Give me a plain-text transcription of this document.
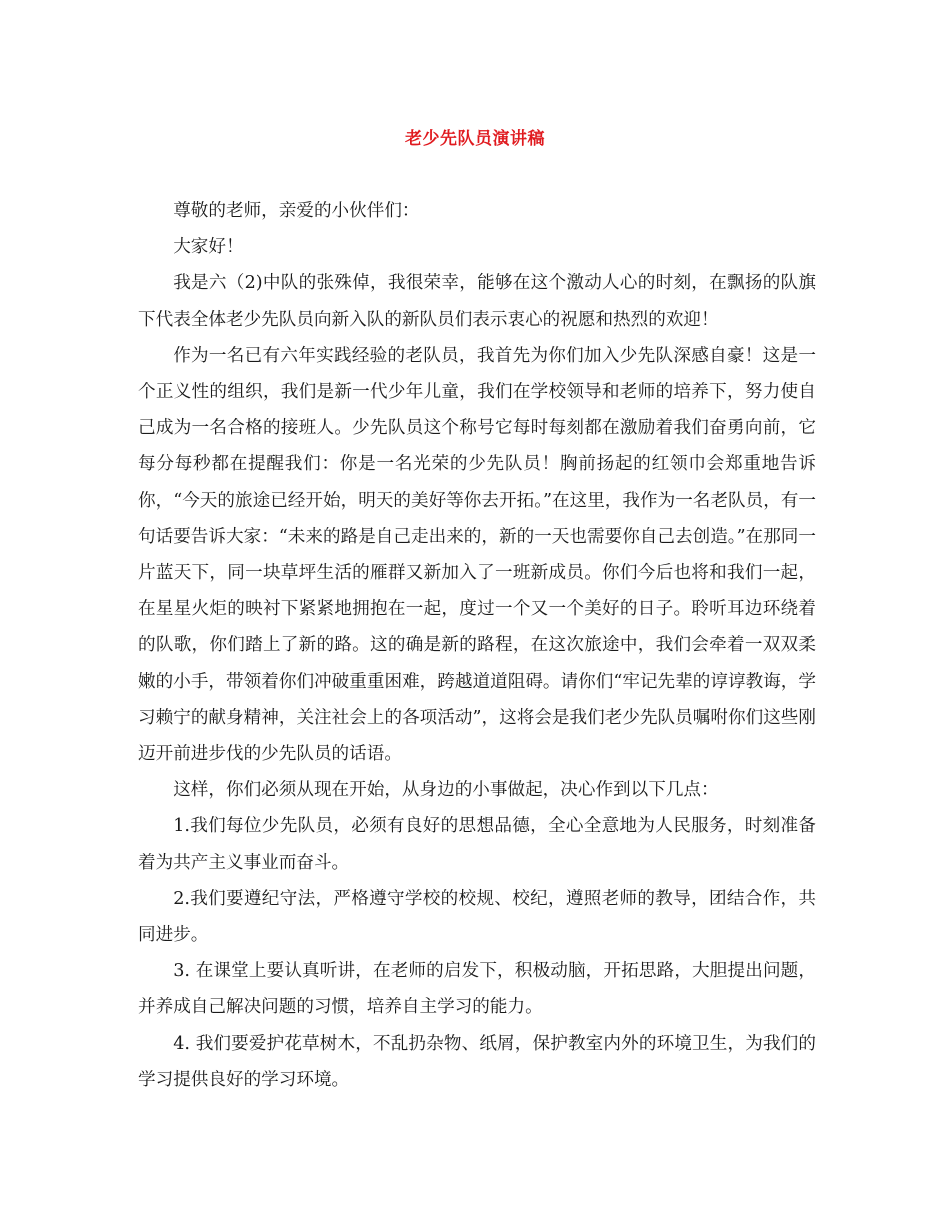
老少先队员演讲稿

尊敬的老师，亲爱的小伙伴们：

大家好！

我是六（2)中队的张殊倬，我很荣幸，能够在这个激动人心的时刻，在飘扬的队旗下代表全体老少先队员向新入队的新队员们表示衷心的祝愿和热烈的欢迎！

作为一名已有六年实践经验的老队员，我首先为你们加入少先队深感自豪！这是一个正义性的组织，我们是新一代少年儿童，我们在学校领导和老师的培养下，努力使自己成为一名合格的接班人。少先队员这个称号它每时每刻都在激励着我们奋勇向前，它每分每秒都在提醒我们：你是一名光荣的少先队员！胸前扬起的红领巾会郑重地告诉你，“今天的旅途已经开始，明天的美好等你去开拓。”在这里，我作为一名老队员，有一句话要告诉大家：“未来的路是自己走出来的，新的一天也需要你自己去创造。”在那同一片蓝天下，同一块草坪生活的雁群又新加入了一班新成员。你们今后也将和我们一起，在星星火炬的映衬下紧紧地拥抱在一起，度过一个又一个美好的日子。聆听耳边环绕着的队歌，你们踏上了新的路。这的确是新的路程，在这次旅途中，我们会牵着一双双柔嫩的小手，带领着你们冲破重重困难，跨越道道阻碍。请你们“牢记先辈的谆谆教诲，学习赖宁的献身精神，关注社会上的各项活动”，这将会是我们老少先队员嘱咐你们这些刚迈开前进步伐的少先队员的话语。

这样，你们必须从现在开始，从身边的小事做起，决心作到以下几点：

1.我们每位少先队员，必须有良好的思想品德，全心全意地为人民服务，时刻准备着为共产主义事业而奋斗。

2.我们要遵纪守法，严格遵守学校的校规、校纪，遵照老师的教导，团结合作，共同进步。

3. 在课堂上要认真听讲，在老师的启发下，积极动脑，开拓思路，大胆提出问题，并养成自己解决问题的习惯，培养自主学习的能力。

4. 我们要爱护花草树木，不乱扔杂物、纸屑，保护教室内外的环境卫生，为我们的学习提供良好的学习环境。
